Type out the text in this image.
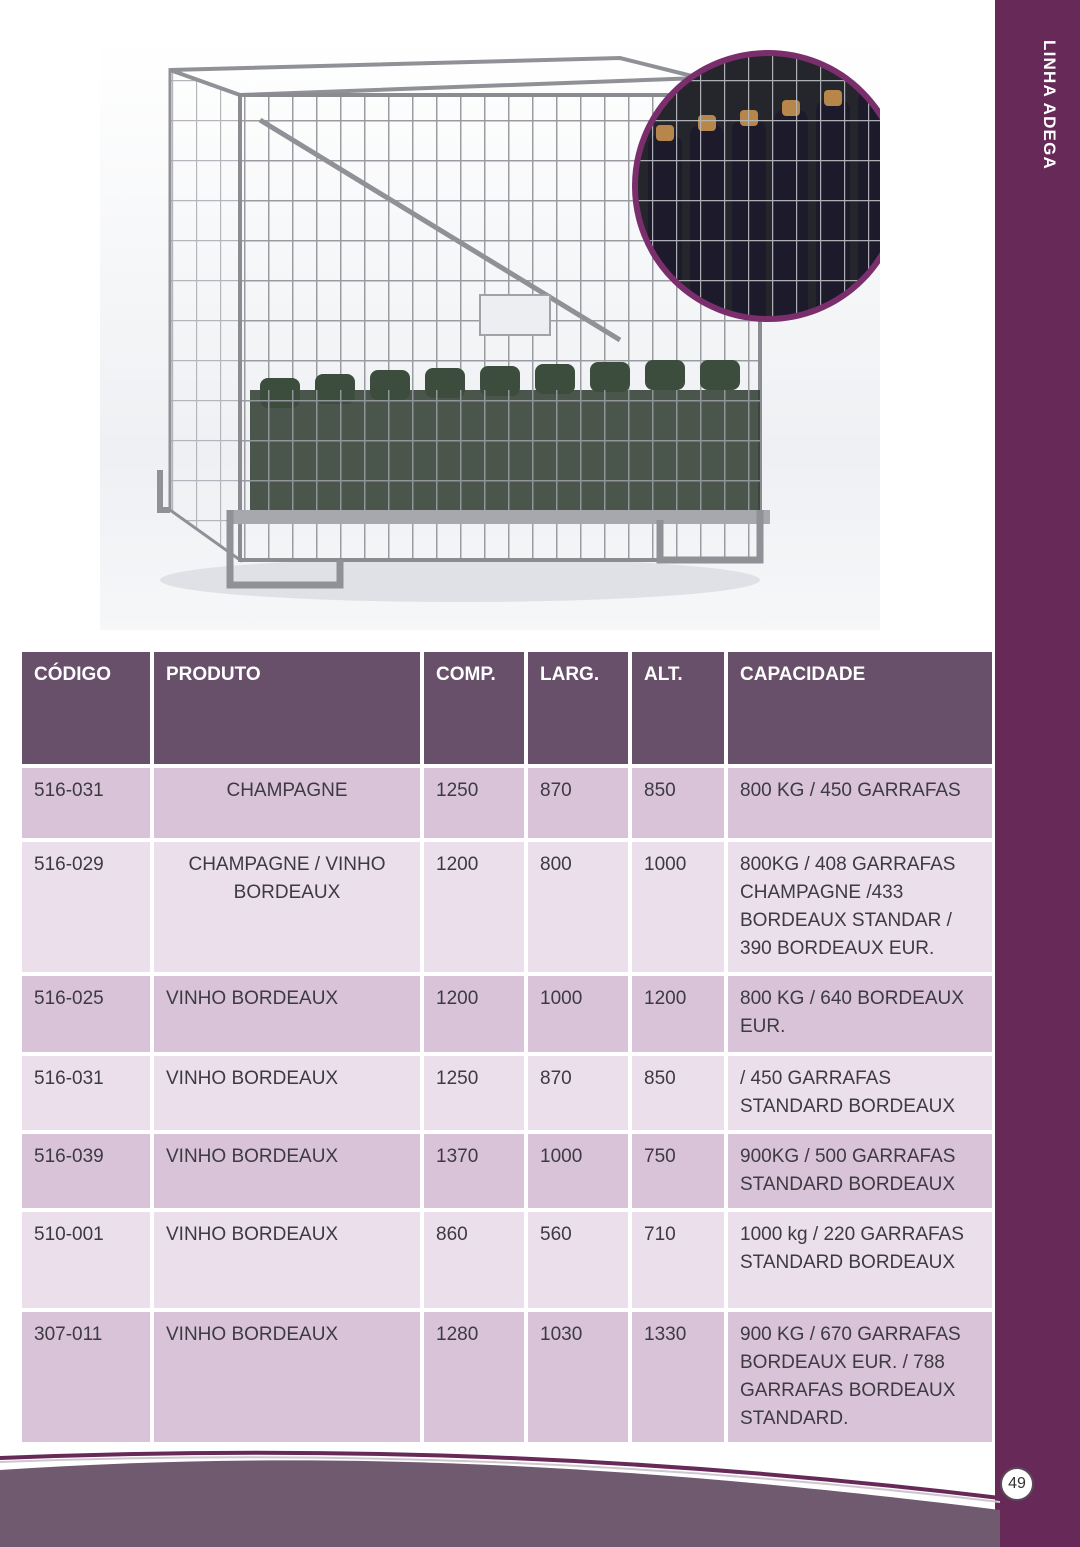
LINHA ADEGA
CÓDIGO	PRODUTO	COMP.	LARG.	ALT.	CAPACIDADE
516-031	CHAMPAGNE	1250	870	850	800 KG / 450 GARRAFAS
516-029	CHAMPAGNE / VINHO BORDEAUX	1200	800	1000	800KG / 408 GARRAFAS CHAMPAGNE /433 BORDEAUX STANDAR / 390 BORDEAUX EUR.
516-025	VINHO BORDEAUX	1200	1000	1200	800 KG / 640 BORDEAUX EUR.
516-031	VINHO BORDEAUX	1250	870	850	/ 450 GARRAFAS STANDARD BORDEAUX
516-039	VINHO BORDEAUX	1370	1000	750	900KG / 500 GARRAFAS STANDARD BORDEAUX
510-001	VINHO BORDEAUX	860	560	710	1000 kg / 220 GARRAFAS STANDARD BORDEAUX
307-011	VINHO BORDEAUX	1280	1030	1330	900 KG / 670 GARRAFAS BORDEAUX EUR. / 788 GARRAFAS BORDEAUX STANDARD.
49
